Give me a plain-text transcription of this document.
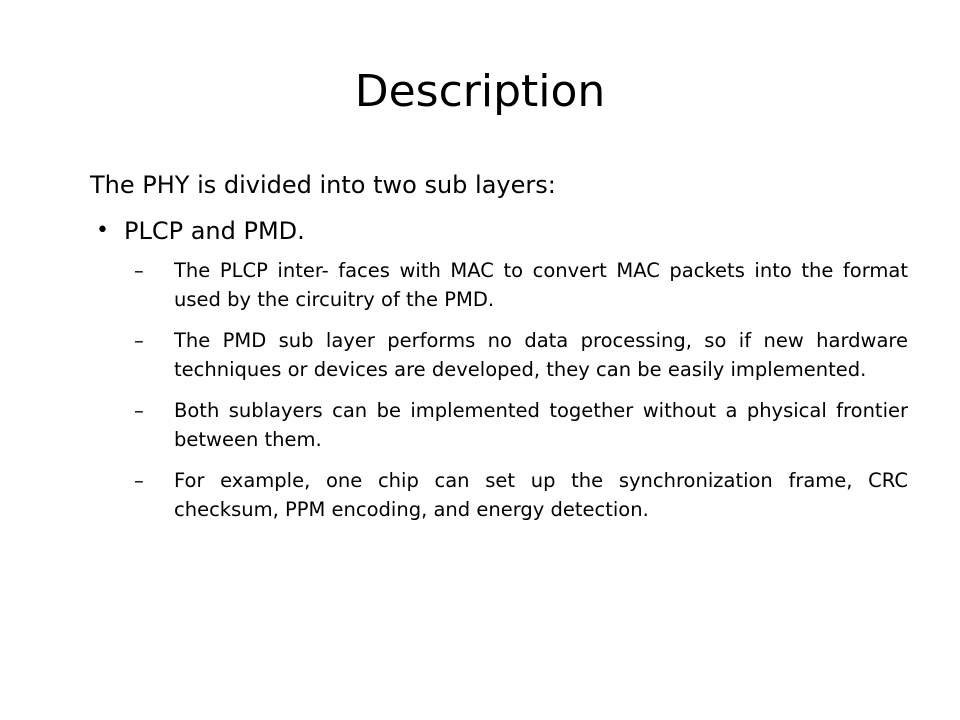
Description

The PHY is divided into two sub layers:

• PLCP and PMD.
– The PLCP inter- faces with MAC to convert MAC packets into the format used by the circuitry of the PMD.
– The PMD sub layer performs no data processing, so if new hardware techniques or devices are developed, they can be easily implemented.
– Both sublayers can be implemented together without a physical frontier between them.
– For example, one chip can set up the synchronization frame, CRC checksum, PPM encoding, and energy detection.
